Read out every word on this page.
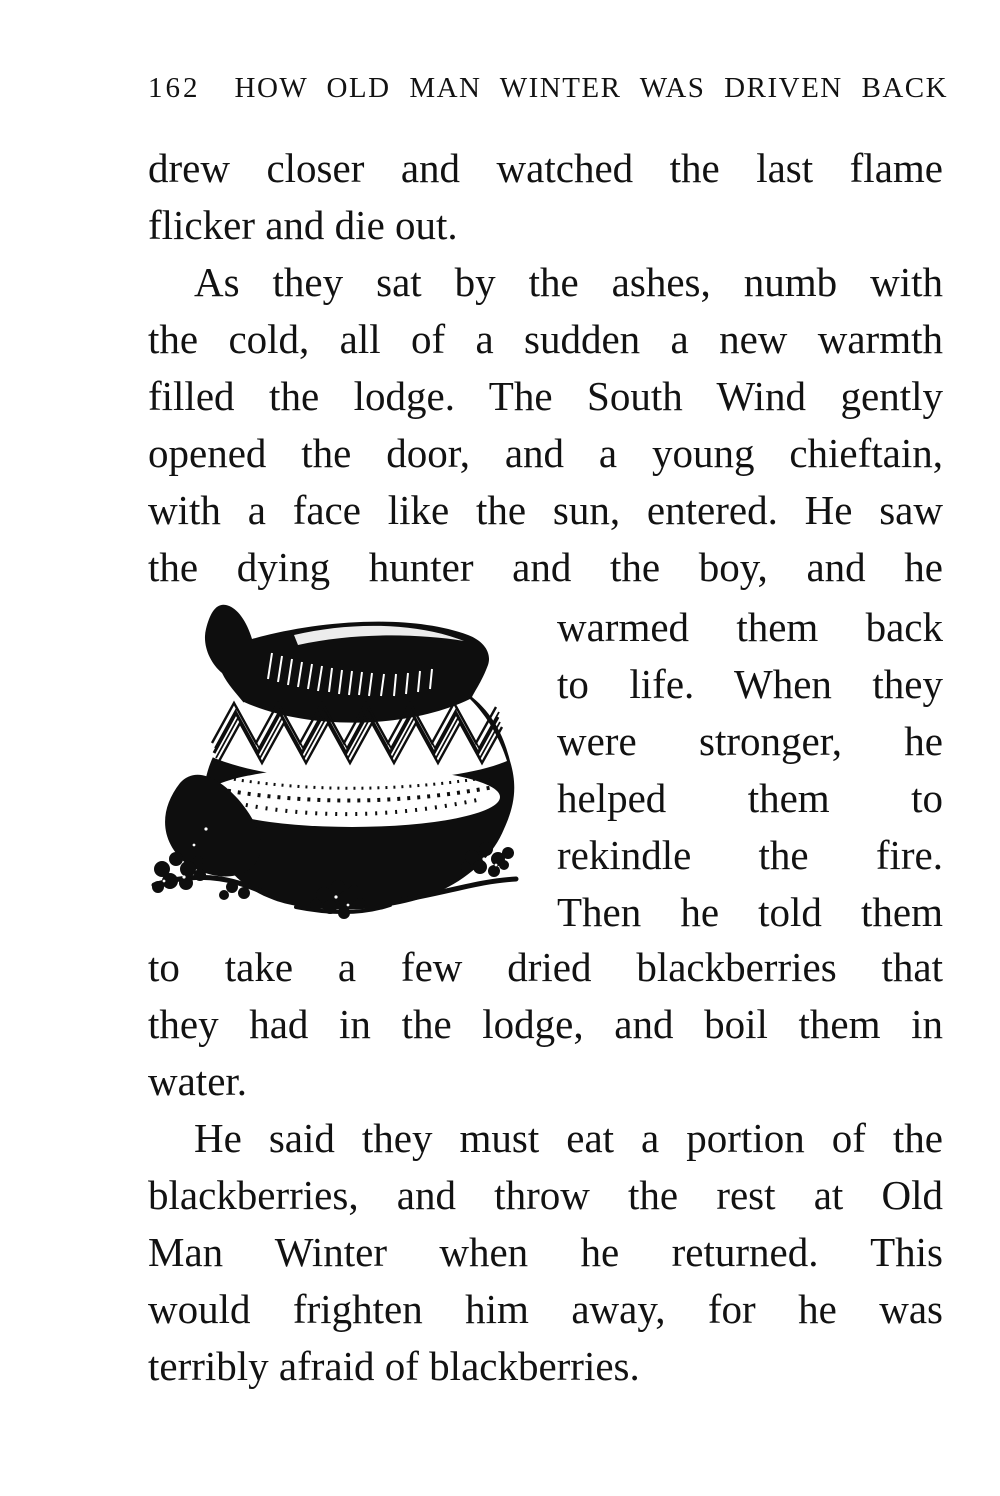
162 HOW OLD MAN WINTER WAS DRIVEN BACK
drew closer and watched the last flame
flicker and die out.
As they sat by the ashes, numb with
the cold, all of a sudden a new warmth
filled the lodge. The South Wind gently
opened the door, and a young chieftain,
with a face like the sun, entered. He saw
the dying hunter and the boy, and he
warmed them back
to life. When they
were stronger, he
helped them to
rekindle the fire.
Then he told them
to take a few dried blackberries that
they had in the lodge, and boil them in
water.
He said they must eat a portion of the
blackberries, and throw the rest at Old
Man Winter when he returned. This
would frighten him away, for he was
terribly afraid of blackberries.
